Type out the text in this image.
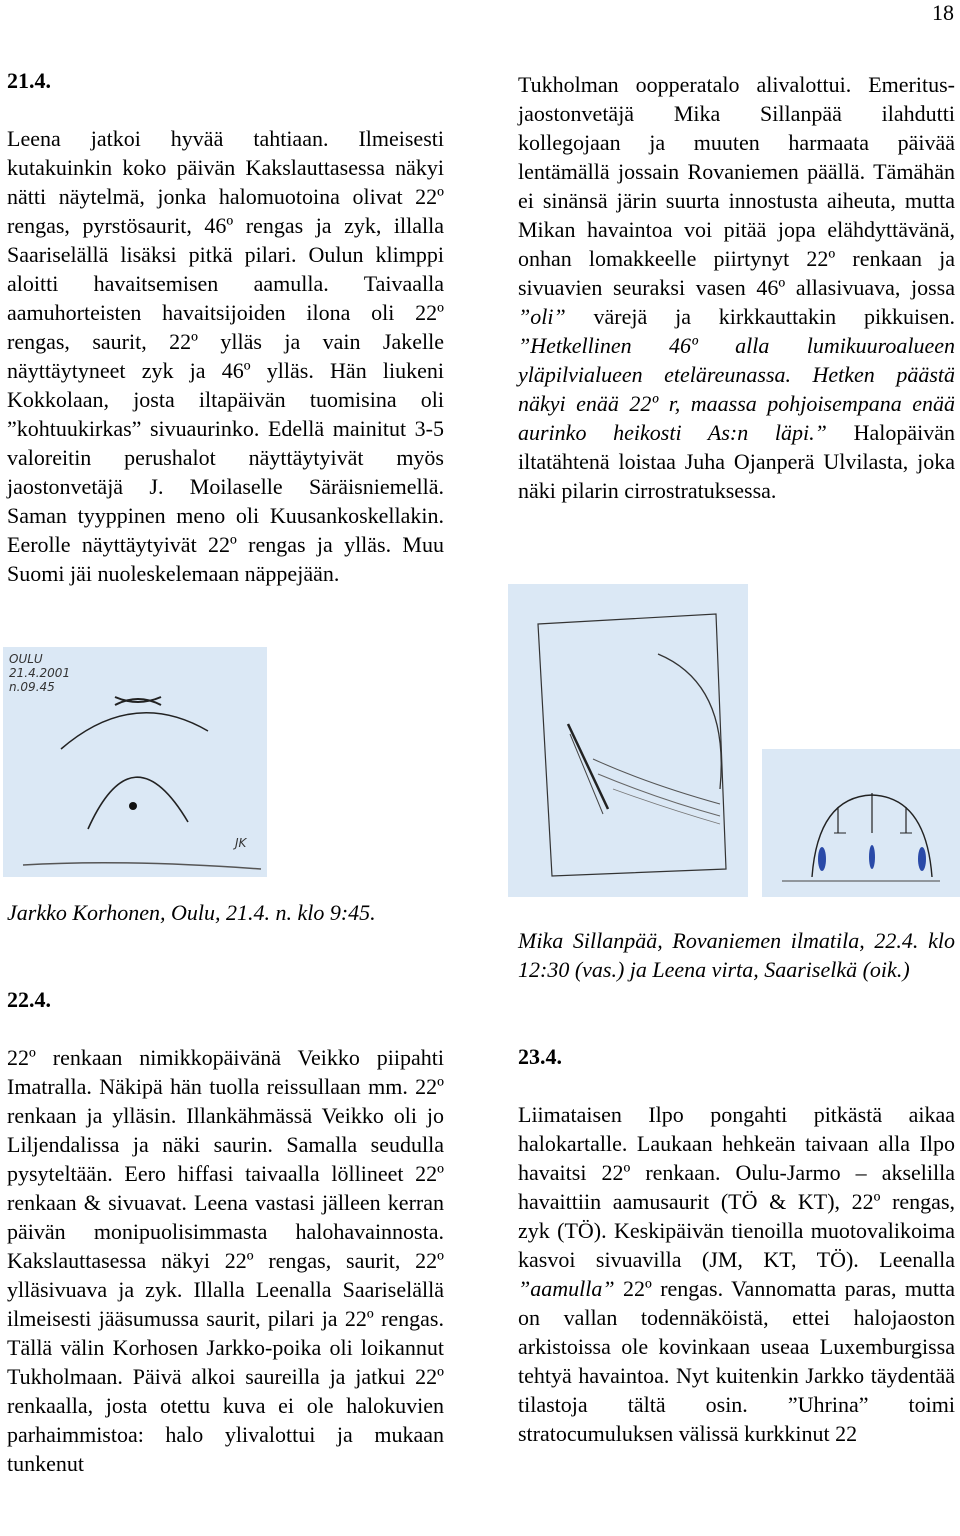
18

21.4.

Leena jatkoi hyvää tahtiaan. Ilmeisesti kutakuinkin koko päivän Kakslauttasessa näkyi nätti näytelmä, jonka halomuotoina olivat 22º rengas, pyrstösaurit, 46º rengas ja zyk, illalla Saariselällä lisäksi pitkä pilari. Oulun klimppi aloitti havaitsemisen aamulla. Taivaalla aamuhorteisten havaitsijoiden ilona oli 22º rengas, saurit, 22º ylläs ja vain Jakelle näyttäytyneet zyk ja 46º ylläs. Hän liukeni Kokkolaan, josta iltapäivän tuomisina oli ”kohtuukirkas” sivuaurinko. Edellä mainitut 3-5 valoreitin perushalot näyttäytyivät myös jaostonvetäjä J. Moilaselle Säräisniemellä. Saman tyyppinen meno oli Kuusankoskellakin. Eerolle näyttäytyivät 22º rengas ja ylläs. Muu Suomi jäi nuoleskelemaan näppejään.

OULU
21.4.2001
n.09.45
JK

Jarkko Korhonen, Oulu, 21.4. n. klo 9:45.

22.4.

22º renkaan nimikkopäivänä Veikko piipahti Imatralla. Näkipä hän tuolla reissullaan mm. 22º renkaan ja ylläsin. Illankähmässä Veikko oli jo Liljendalissa ja näki saurin. Samalla seudulla pysyteltään. Eero hiffasi taivaalla löllineet 22º renkaan & sivuavat. Leena vastasi jälleen kerran päivän monipuolisimmasta halohavainnosta. Kakslauttasessa näkyi 22º rengas, saurit, 22º ylläsivuava ja zyk. Illalla Leenalla Saariselällä ilmeisesti jääsumussa saurit, pilari ja 22º rengas. Tällä välin Korhosen Jarkko-poika oli loikannut Tukholmaan. Päivä alkoi saureilla ja jatkui 22º renkaalla, josta otettu kuva ei ole halokuvien parhaimmistoa: halo ylivalottui ja mukaan tunkenut

Tukholman oopperatalo alivalottui. Emeritus-jaostonvetäjä Mika Sillanpää ilahdutti kollegojaan ja muuten harmaata päivää lentämällä jossain Rovaniemen päällä. Tämähän ei sinänsä järin suurta innostusta aiheuta, mutta Mikan havaintoa voi pitää jopa elähdyttävänä, onhan lomakkeelle piirtynyt 22º renkaan ja sivuavien seuraksi vasen 46º allasivuava, jossa ”oli” värejä ja kirkkauttakin pikkuisen. ”Hetkellinen 46º alla lumikuuroalueen yläpilvialueen eteläreunassa. Hetken päästä näkyi enää 22º r, maassa pohjoisempana enää aurinko heikosti As:n läpi.” Halopäivän iltatähtenä loistaa Juha Ojanperä Ulvilasta, joka näki pilarin cirrostratuksessa.

Mika Sillanpää, Rovaniemen ilmatila, 22.4. klo 12:30 (vas.) ja Leena virta, Saariselkä (oik.)

23.4.

Liimataisen Ilpo pongahti pitkästä aikaa halokartalle. Laukaan hehkeän taivaan alla Ilpo havaitsi 22º renkaan. Oulu-Jarmo – akselilla havaittiin aamusaurit (TÖ & KT), 22º rengas, zyk (TÖ). Keskipäivän tienoilla muotovalikoima kasvoi sivuavilla (JM, KT, TÖ). Leenalla ”aamulla” 22º rengas. Vannomatta paras, mutta on vallan todennäköistä, ettei halojaoston arkistoissa ole kovinkaan useaa Luxemburgissa tehtyä havaintoa. Nyt kuitenkin Jarkko täydentää tilastoja tältä osin. ”Uhrina” toimi stratocumuluksen välissä kurkkinut 22
